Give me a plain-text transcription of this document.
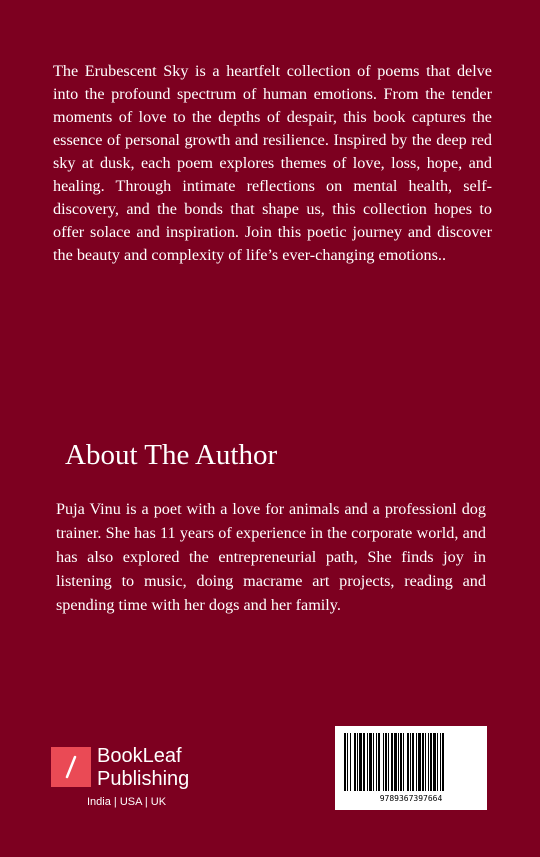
The Erubescent Sky is a heartfelt collection of poems that delve into the profound spectrum of human emotions. From the tender moments of love to the depths of despair, this book captures the essence of personal growth and resilience. Inspired by the deep red sky at dusk, each poem explores themes of love, loss, hope, and healing. Through intimate reflections on mental health, self-discovery, and the bonds that shape us, this collection hopes to offer solace and inspiration. Join this poetic journey and discover the beauty and complexity of life’s ever-changing emotions..

About The Author

Puja Vinu is a poet with a love for animals and a professionl dog trainer. She has 11 years of experience in the corporate world, and has also explored the entrepreneurial path, She finds joy in listening to music, doing macrame art projects, reading and spending time with her dogs and her family.

BookLeaf
Publishing
India | USA | UK	9789367397664
